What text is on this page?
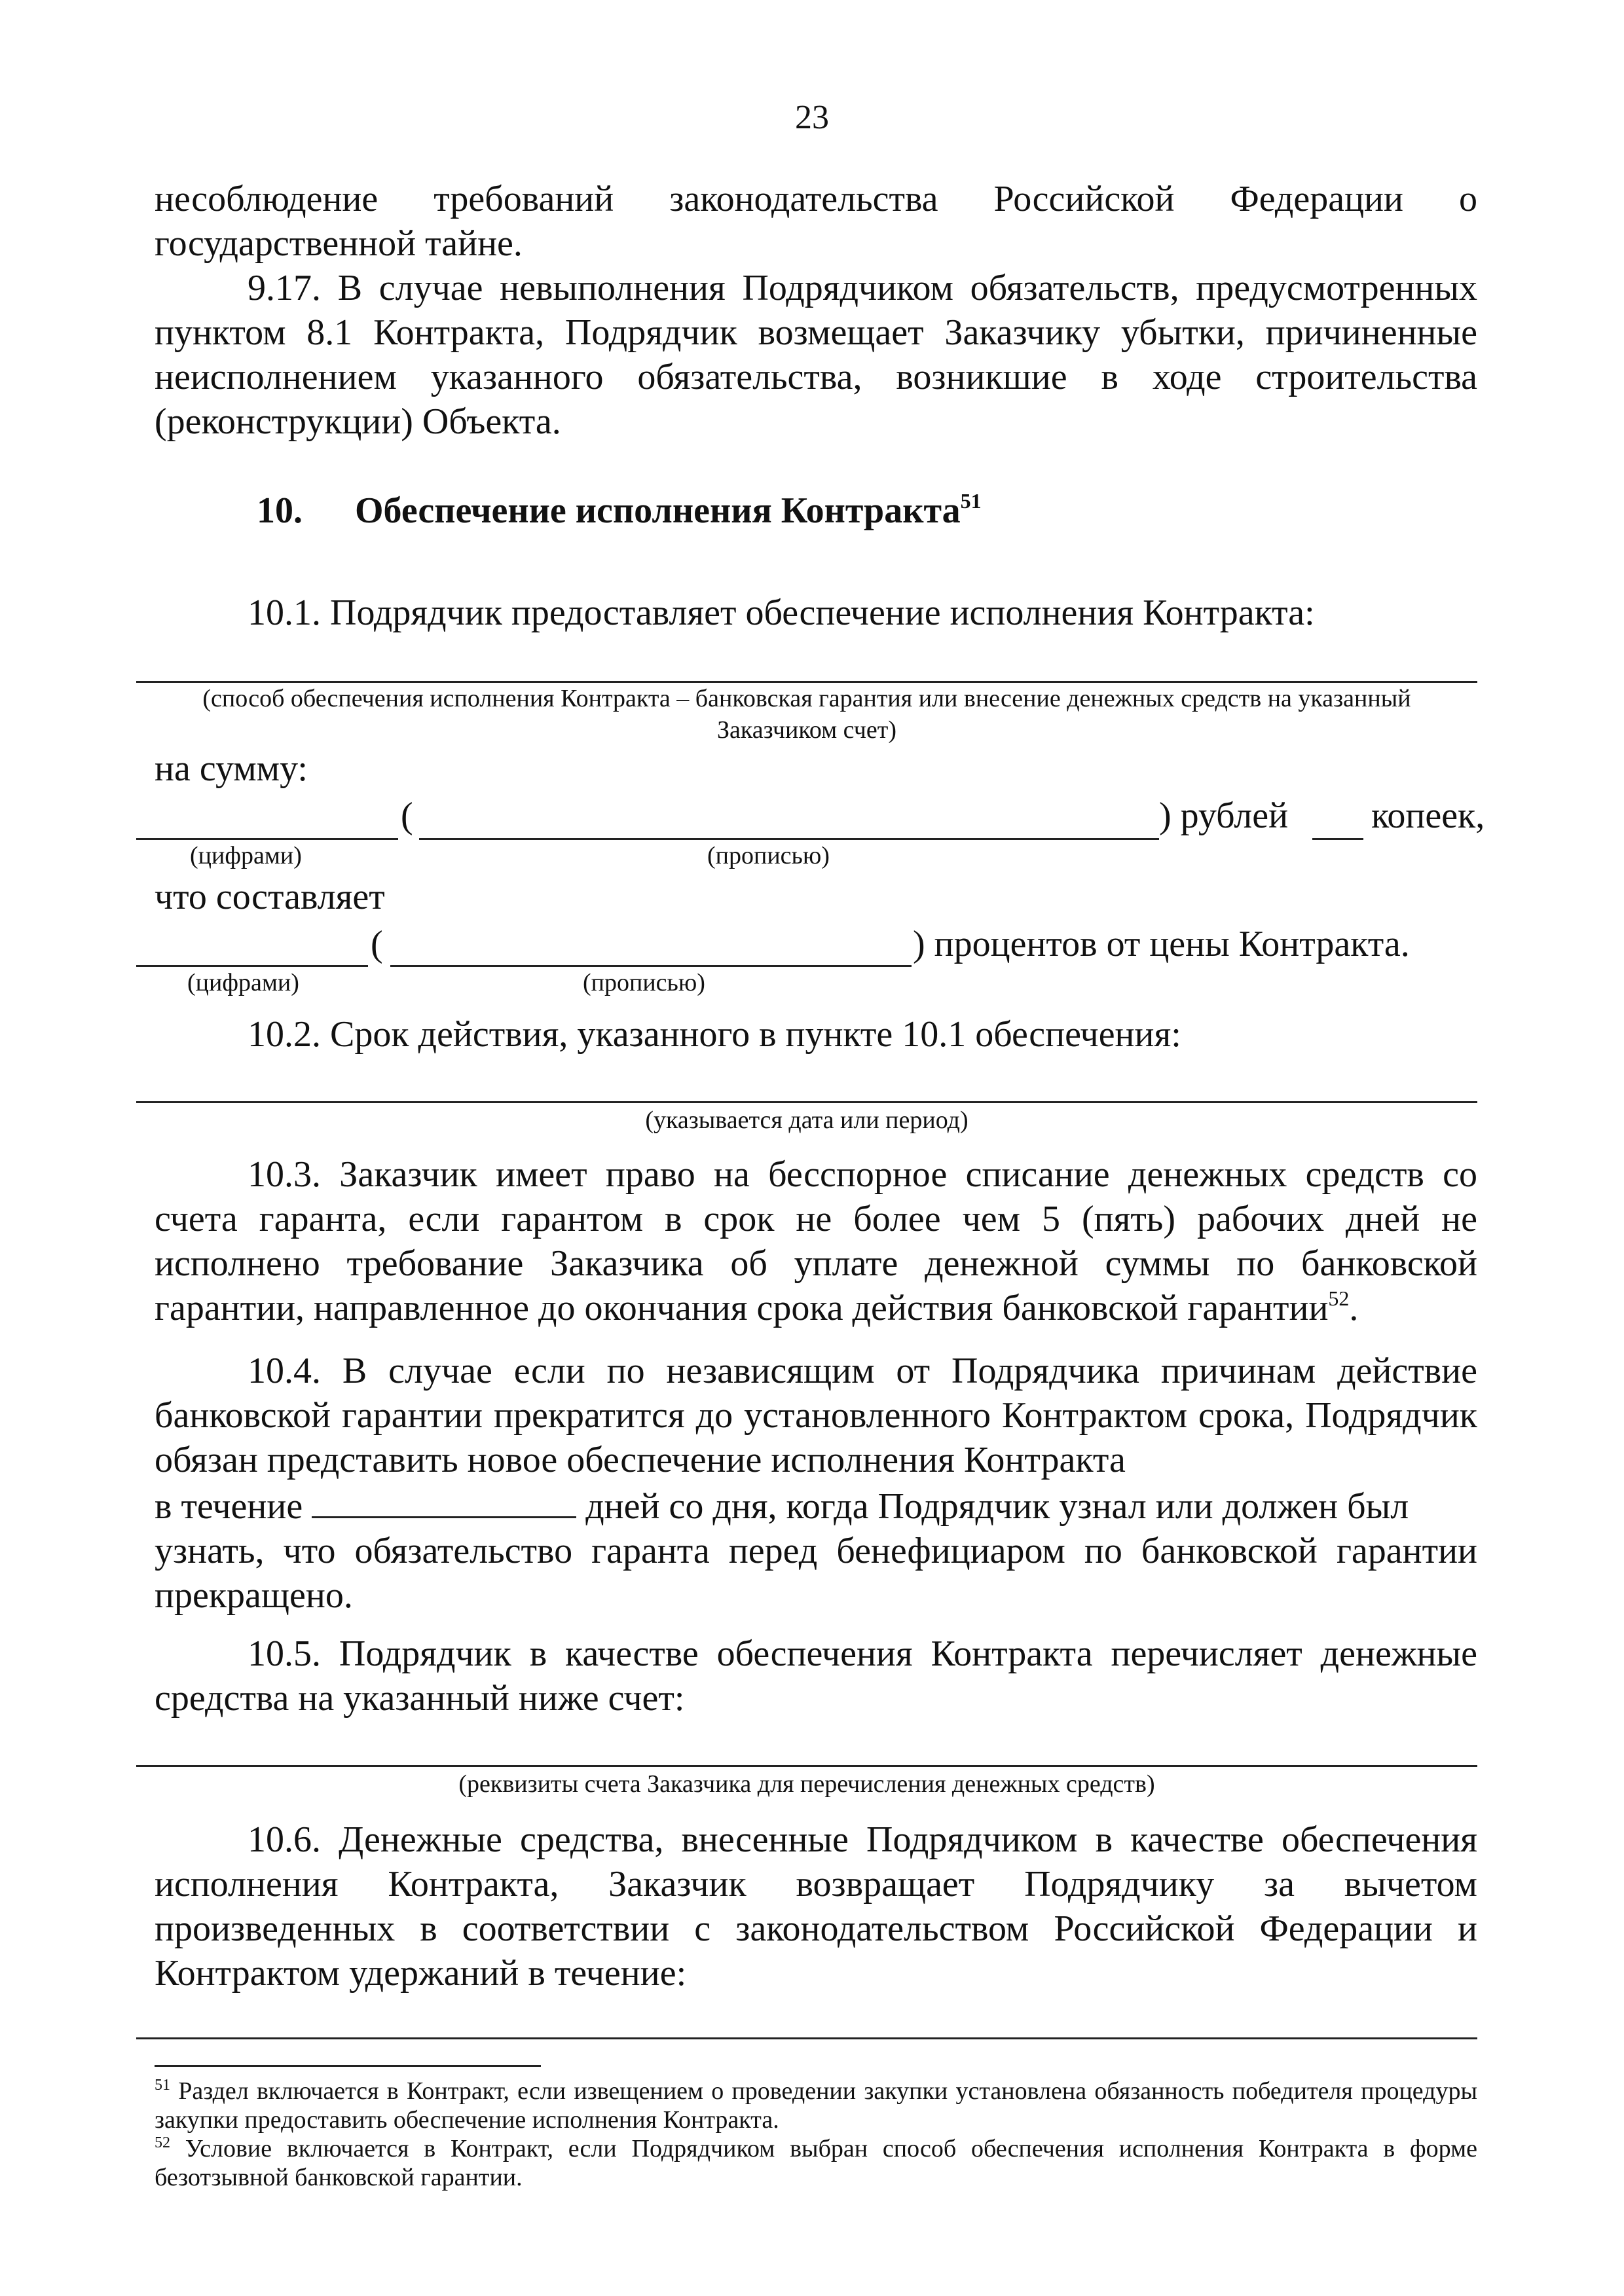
23

несоблюдение требований законодательства Российской Федерации о государственной тайне.

9.17. В случае невыполнения Подрядчиком обязательств, предусмотренных пунктом 8.1 Контракта, Подрядчик возмещает Заказчику убытки, причиненные неисполнением указанного обязательства, возникшие в ходе строительства (реконструкции) Объекта.

10. Обеспечение исполнения Контракта$^{51}$
10.1. Подрядчик предоставляет обеспечение исполнения Контракта:
(способ обеспечения исполнения Контракта – банковская гарантия или внесение денежных средств на указанный
Заказчиком счет)
на сумму:
(	) рублей копеек,
(цифрами)	(прописью)
что составляет
(	) процентов от цены Контракта.
(цифрами)	(прописью)
10.2. Срок действия, указанного в пункте 10.1 обеспечения:
(указывается дата или период)

10.3. Заказчик имеет право на бесспорное списание денежных средств со счета гаранта, если гарантом в срок не более чем 5 (пять) рабочих дней не исполнено требование Заказчика об уплате денежной суммы по банковской гарантии, направленное до окончания срока действия банковской гарантии$^{52}$.

10.4. В случае если по независящим от Подрядчика причинам действие банковской гарантии прекратится до установленного Контрактом срока, Подрядчик обязан представить новое обеспечение исполнения Контракта

в течение	дней со дня, когда Подрядчик узнал или должен был

узнать, что обязательство гаранта перед бенефициаром по банковской гарантии прекращено.

10.5. Подрядчик в качестве обеспечения Контракта перечисляет денежные средства на указанный ниже счет:

(реквизиты счета Заказчика для перечисления денежных средств)

10.6. Денежные средства, внесенные Подрядчиком в качестве обеспечения исполнения Контракта, Заказчик возвращает Подрядчику за вычетом произведенных в соответствии с законодательством Российской Федерации и Контрактом удержаний в течение:

$^{51}$ Раздел включается в Контракт, если извещением о проведении закупки установлена обязанность победителя процедуры закупки предоставить обеспечение исполнения Контракта.
$^{52}$ Условие включается в Контракт, если Подрядчиком выбран способ обеспечения исполнения Контракта в форме безотзывной банковской гарантии.
